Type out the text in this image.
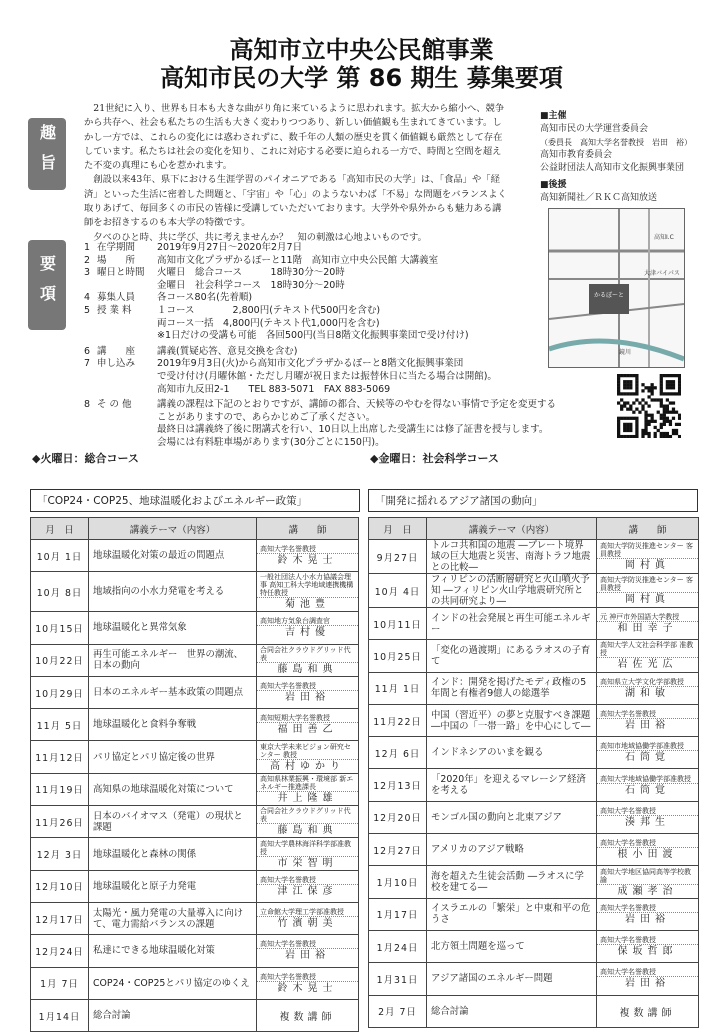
高知市立中央公民館事業
高知市民の大学 第 86 期生 募集要項
趣旨
要項

21世紀に入り、世界も日本も大きな曲がり角に来ているように思われます。拡大から縮小へ、競争から共存へ、社会も私たちの生活も大きく変わりつつあり、新しい価値観も生まれてきています。しかし一方では、これらの変化には惑わされずに、数千年の人類の歴史を貫く価値観も厳然として存在しています。私たちは社会の変化を知り、これに対応する必要に迫られる一方で、時間と空間を超えた不変の真理にも心を惹かれます。

創設以来43年、県下における生涯学習のパイオニアである「高知市民の大学」は、「食品」や「経済」といった生活に密着した問題と、「宇宙」や「心」のようないわば「不易」な問題をバランスよく取りあげて、毎回多くの市民の皆様に受講していただいております。大学外や県外からも魅力ある講師をお招きするのも本大学の特徴です。

夕べのひと時、共に学び、共に考えませんか？　知の刺激は心地よいものです。

■主催
高知市民の大学運営委員会
（委員長　高知大学名誉教授　岩田　裕）
高知市教育委員会
公益財団法人高知市文化振興事業団
■後援
高知新聞社／ＲＫＣ高知放送
1 在学期間	2019年9月27日～2020年2月7日
2 場　　所	高知市文化プラザかるぽーと11階　高知市立中央公民館 大講義室
3 曜日と時間	火曜日　総合コース　　　18時30分～20時
金曜日　社会科学コース　18時30分～20時
4 募集人員	各コース80名(先着順)
5 授 業 料	１コース　　　　2,800円(テキスト代500円を含む)
両コース一括　4,800円(テキスト代1,000円を含む)
※1日だけの受講も可能　各回500円(当日8階文化振興事業団で受け付け)
6 講　　座	講義(質疑応答、意見交換を含む)
7 申し込み	2019年9月3日(火)から高知市文化プラザかるぽーと8階文化振興事業団
で受け付け(月曜休館・ただし月曜が祝日または振替休日に当たる場合は開館)。
高知市九反田2-1　　TEL 883-5071　FAX 883-5069
8 そ の 他	講義の課程は下記のとおりですが、講師の都合、天候等のやむを得ない事情で予定を変更する
ことがありますので、あらかじめご了承ください。
最終日は講義終了後に閉講式を行い、10日以上出席した受講生には修了証書を授与します。
会場には有料駐車場があります(30分ごとに150円)。
かるぽーと
高知I.C
大津バイパス
鏡川
◆火曜日：総合コース
「COP24・COP25、地球温暖化およびエネルギー政策」
月　日	講義テーマ（内容）	講　　師
10月 1日	地球温暖化対策の最近の問題点	高知大学名誉教授
鈴木晃士

10月 8日	地域指向の小水力発電を考える	一般社団法人小水力協議会理事 高知工科大学地域連携機構特任教授
菊池豊

10月15日	地球温暖化と異常気象	高知地方気象台調査官
吉村優

10月22日	再生可能エネルギー　世界の潮流、日本の動向	合同会社クラウドグリッド代表
藤島和典

10月29日	日本のエネルギー基本政策の問題点	高知大学名誉教授
岩田裕

11月 5日	地球温暖化と食料争奪戦	高知短期大学名誉教授
福田善乙

11月12日	パリ協定とパリ協定後の世界	東京大学未来ビジョン研究センター 教授
高村ゆかり

11月19日	高知県の地球温暖化対策について	高知県林業振興・環境部 新エネルギー推進課長
井上隆雄

11月26日	日本のバイオマス（発電）の現状と課題	合同会社クラウドグリッド代表
藤島和典

12月 3日	地球温暖化と森林の関係	高知大学農林海洋科学部准教授
市栄智明

12月10日	地球温暖化と原子力発電	高知大学名誉教授
津江保彦

12月17日	太陽光・風力発電の大量導入に向けて、電力需給バランスの課題	立命館大学理工学部准教授
竹濱朝美

12月24日	私達にできる地球温暖化対策	高知大学名誉教授
岩田裕

1月 7日	COP24・COP25とパリ協定のゆくえ	高知大学名誉教授
鈴木晃士

1月14日	総合討論	複数講師
◆金曜日：社会科学コース
「開発に揺れるアジア諸国の動向」
月　日	講義テーマ（内容）	講　　師
9月27日	トルコ共和国の地震 ―プレート境界域の巨大地震と災害、南海トラフ地震との比較―	高知大学防災推進センター 客員教授
岡村眞

10月 4日	フィリピンの活断層研究と火山噴火予知 ―フィリピン火山学地震研究所との共同研究より―	高知大学防災推進センター 客員教授
岡村眞

10月11日	インドの社会発展と再生可能エネルギー	元 神戸市外国語大学教授
和田幸子

10月25日	「変化の過渡期」にあるラオスの子育て	高知大学人文社会科学部 准教授
岩佐光広

11月 1日	インド：開発を掲げたモディ政権の5年間と有権者9億人の総選挙	高知県立大学文化学部教授
湖和敏

11月22日	中国（習近平）の夢と克服すべき課題 ―中国の「一帯一路」を中心にして―	高知大学名誉教授
岩田裕

12月 6日	インドネシアのいまを観る	高知市地域協働学部准教授
石筒覚

12月13日	「2020年」を迎えるマレーシア経済を考える	高知大学地域協働学部准教授
石筒覚

12月20日	モンゴル国の動向と北東アジア	高知大学名誉教授
湊邦生

12月27日	アメリカのアジア戦略	高知大学名誉教授
根小田渡

1月10日	海を超えた生徒会活動 ―ラオスに学校を建てる―	高知大学地区協同高等学校教諭
成瀬孝治

1月17日	イスラエルの「繁栄」と中東和平の危うさ	高知大学名誉教授
岩田裕

1月24日	北方領土問題を巡って	高知大学名誉教授
保坂哲郎

1月31日	アジア諸国のエネルギー問題	高知大学名誉教授
岩田裕

2月 7日	総合討論	複数講師
